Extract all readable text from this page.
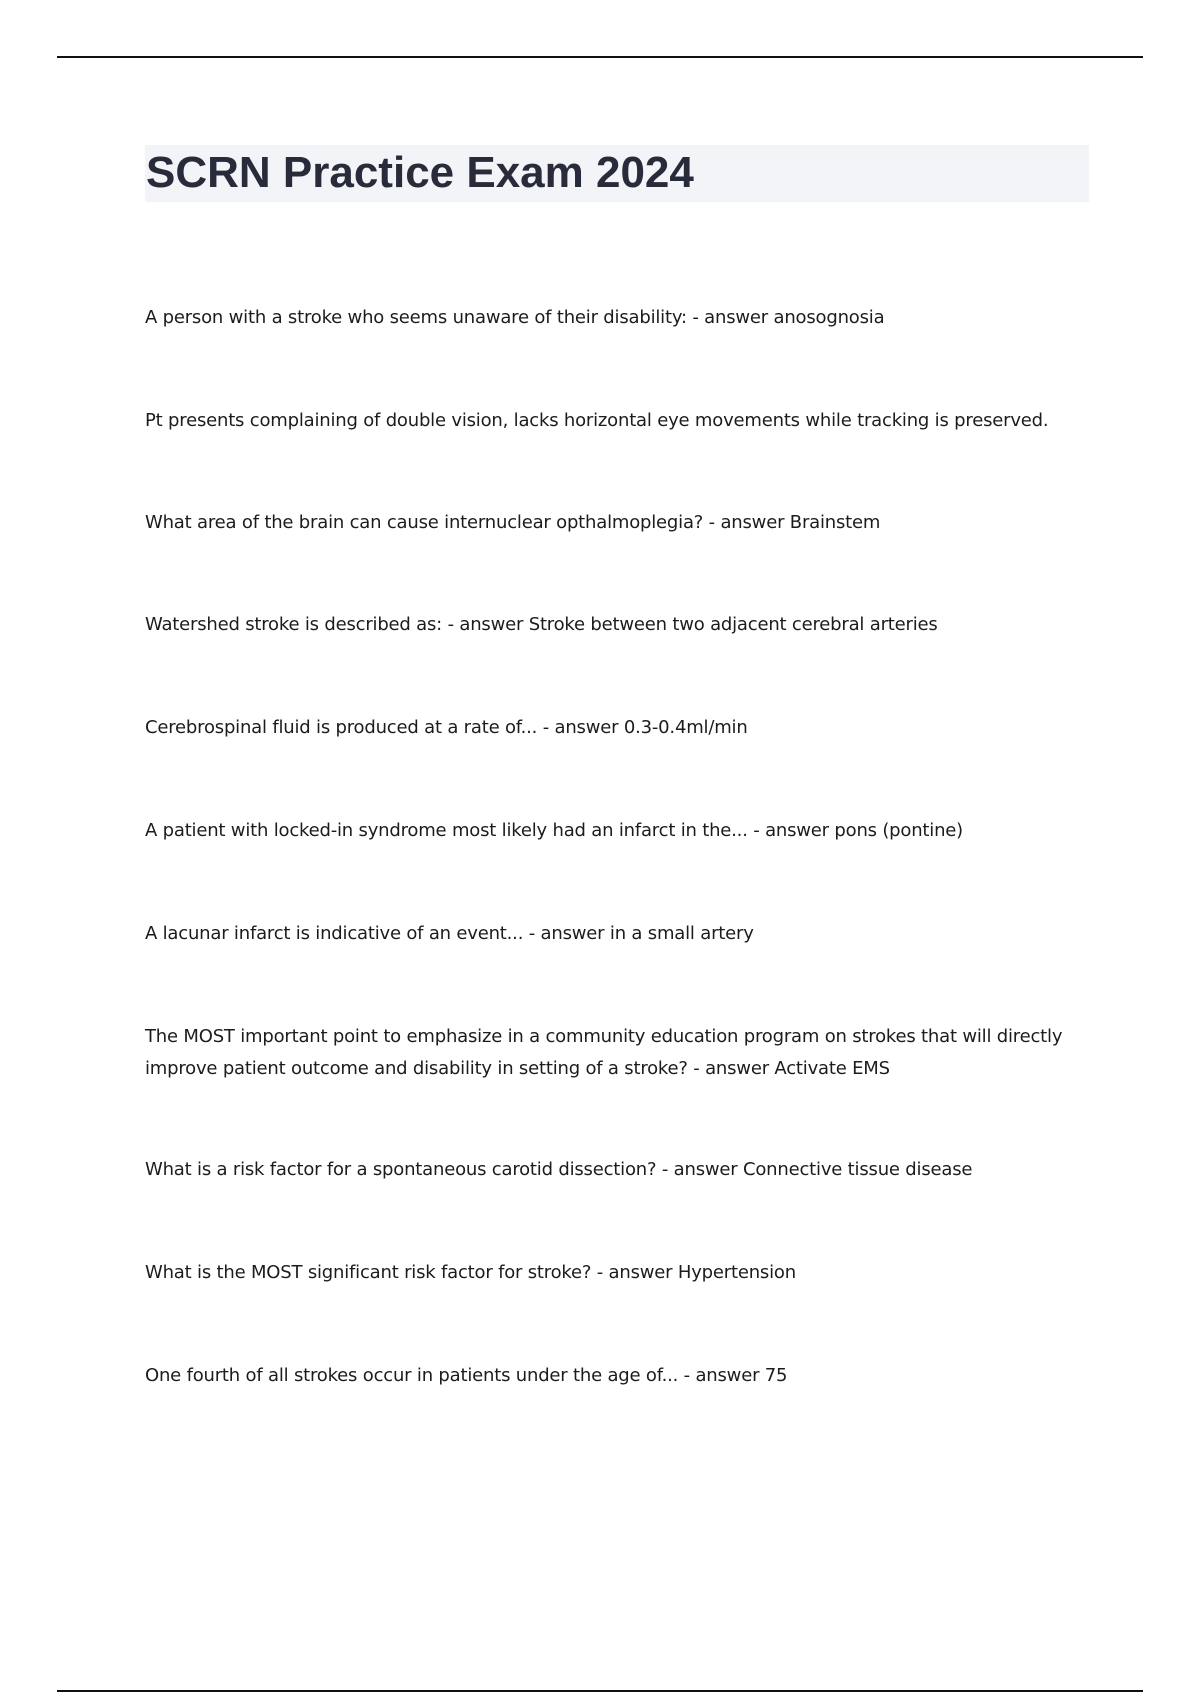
SCRN Practice Exam 2024

A person with a stroke who seems unaware of their disability: - answer anosognosia

Pt presents complaining of double vision, lacks horizontal eye movements while tracking is preserved.

What area of the brain can cause internuclear opthalmoplegia? - answer Brainstem

Watershed stroke is described as: - answer Stroke between two adjacent cerebral arteries

Cerebrospinal fluid is produced at a rate of... - answer 0.3-0.4ml/min

A patient with locked-in syndrome most likely had an infarct in the... - answer pons (pontine)

A lacunar infarct is indicative of an event... - answer in a small artery

The MOST important point to emphasize in a community education program on strokes that will directly improve patient outcome and disability in setting of a stroke? - answer Activate EMS

What is a risk factor for a spontaneous carotid dissection? - answer Connective tissue disease

What is the MOST significant risk factor for stroke? - answer Hypertension

One fourth of all strokes occur in patients under the age of... - answer 75
